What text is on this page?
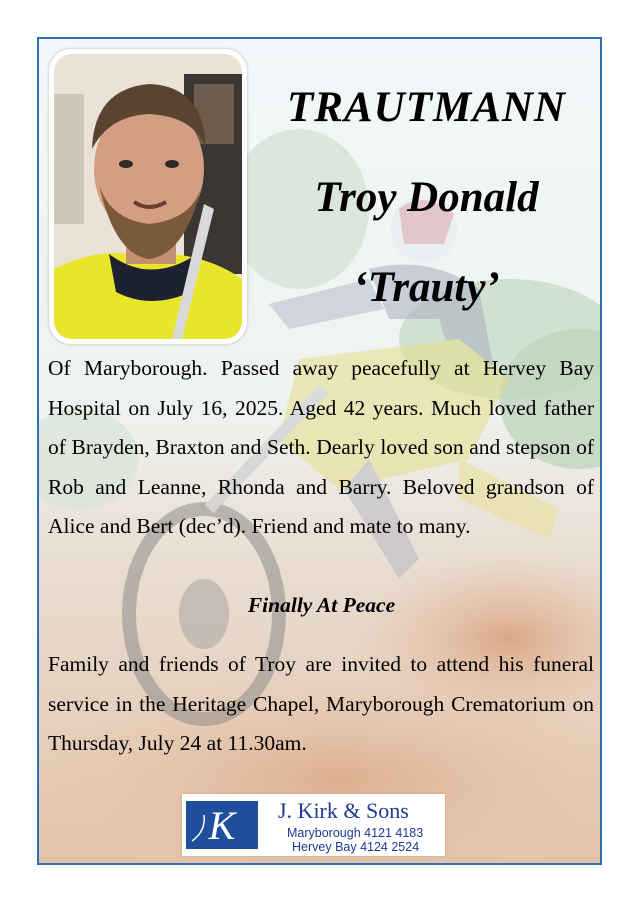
TRAUTMANN
Troy Donald
‘Trauty’
Of Maryborough. Passed away peacefully at Hervey Bay Hospital on July 16, 2025. Aged 42 years. Much loved father of Brayden, Braxton and Seth. Dearly loved son and stepson of Rob and Leanne, Rhonda and Barry. Beloved grandson of Alice and Bert (dec’d). Friend and mate to many.
Finally At Peace
Family and friends of Troy are invited to attend his funeral service in the Heritage Chapel, Maryborough Crematorium on Thursday, July 24 at 11.30am.
K J. Kirk & Sons
Maryborough 4121 4183
Hervey Bay 4124 2524
